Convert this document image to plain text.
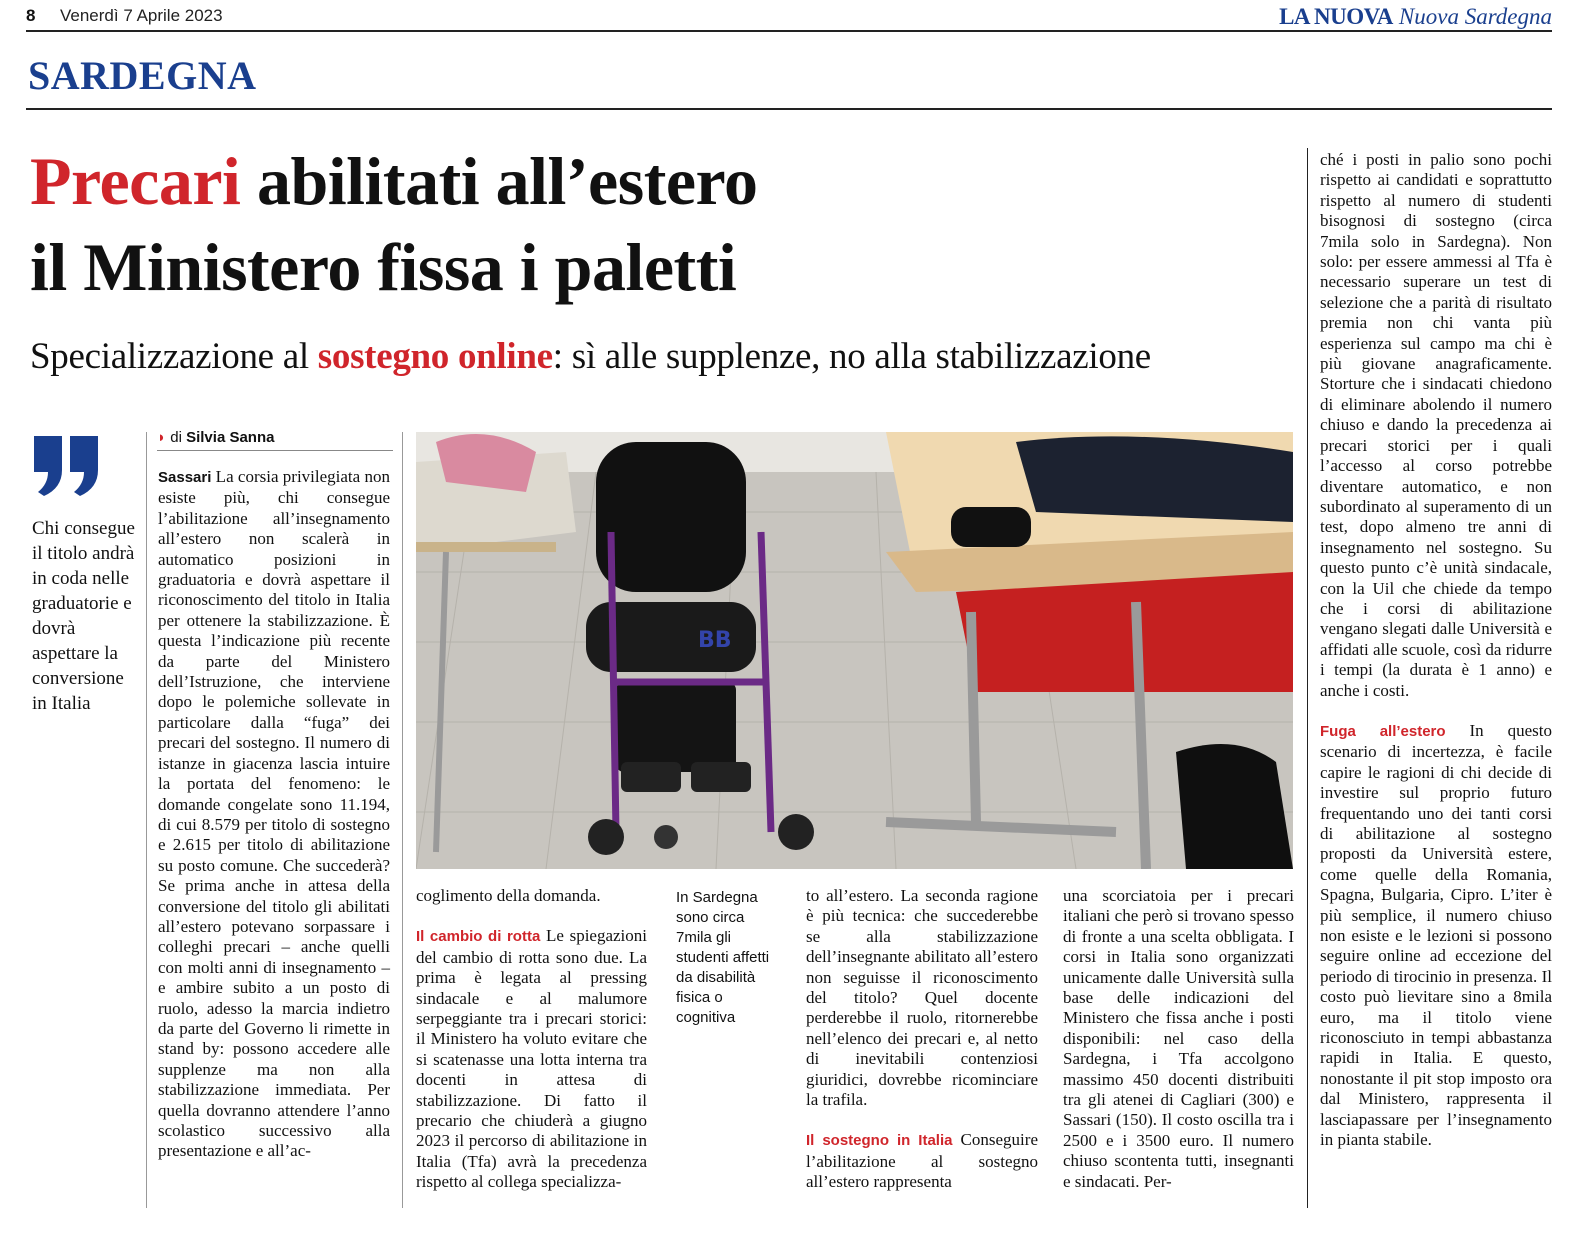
8 Venerdì 7 Aprile 2023	LA NUOVA Nuova Sardegna
SARDEGNA
Precari abilitati all’estero
il Ministero fissa i paletti
Specializzazione al sostegno online: sì alle supplenze, no alla stabilizzazione
Chi consegue il titolo andrà in coda nelle graduatorie e dovrà aspettare la conversione in Italia
◗ di Silvia Sanna

Sassari La corsia privilegiata non esiste più, chi consegue l’abilitazione all’insegnamento all’estero non scalerà in automatico posizioni in graduatoria e dovrà aspettare il riconoscimento del titolo in Italia per ottenere la stabilizzazione. È questa l’indicazione più recente da parte del Ministero dell’Istruzione, che interviene dopo le polemiche sollevate in particolare dalla “fuga” dei precari del sostegno. Il numero di istanze in giacenza lascia intuire la portata del fenomeno: le domande congelate sono 11.194, di cui 8.579 per titolo di sostegno e 2.615 per titolo di abilitazione su posto comune. Che succederà? Se prima anche in attesa della conversione del titolo gli abilitati all’estero potevano sorpassare i colleghi precari – anche quelli con molti anni di insegnamento – e ambire subito a un posto di ruolo, adesso la marcia indietro da parte del Governo li rimette in stand by: possono accedere alle supplenze ma non alla stabilizzazione immediata. Per quella dovranno attendere l’anno scolastico successivo alla presentazione e all’ac-

BB

coglimento della domanda.

Il cambio di rotta Le spiegazioni del cambio di rotta sono due. La prima è legata al pressing sindacale e al malumore serpeggiante tra i precari storici: il Ministero ha voluto evitare che si scatenasse una lotta interna tra docenti in attesa di stabilizzazione. Di fatto il precario che chiuderà a giugno 2023 il percorso di abilitazione in Italia (Tfa) avrà la precedenza rispetto al collega specializza-

In Sardegna sono circa 7mila gli studenti affetti da disabilità fisica o cognitiva

to all’estero. La seconda ragione è più tecnica: che succederebbe se alla stabilizzazione dell’insegnante abilitato all’estero non seguisse il riconoscimento del titolo? Quel docente perderebbe il ruolo, ritornerebbe nell’elenco dei precari e, al netto di inevitabili contenziosi giuridici, dovrebbe ricominciare la trafila.

Il sostegno in Italia Conseguire l’abilitazione al sostegno all’estero rappresenta

una scorciatoia per i precari italiani che però si trovano spesso di fronte a una scelta obbligata. I corsi in Italia sono organizzati unicamente dalle Università sulla base delle indicazioni del Ministero che fissa anche i posti disponibili: nel caso della Sardegna, i Tfa accolgono massimo 450 docenti distribuiti tra gli atenei di Cagliari (300) e Sassari (150). Il costo oscilla tra i 2500 e i 3500 euro. Il numero chiuso scontenta tutti, insegnanti e sindacati. Per-

ché i posti in palio sono pochi rispetto ai candidati e soprattutto rispetto al numero di studenti bisognosi di sostegno (circa 7mila solo in Sardegna). Non solo: per essere ammessi al Tfa è necessario superare un test di selezione che a parità di risultato premia non chi vanta più esperienza sul campo ma chi è più giovane anagraficamente. Storture che i sindacati chiedono di eliminare abolendo il numero chiuso e dando la precedenza ai precari storici per i quali l’accesso al corso potrebbe diventare automatico, e non subordinato al superamento di un test, dopo almeno tre anni di insegnamento nel sostegno. Su questo punto c’è unità sindacale, con la Uil che chiede da tempo che i corsi di abilitazione vengano slegati dalle Università e affidati alle scuole, così da ridurre i tempi (la durata è 1 anno) e anche i costi.

Fuga all’estero In questo scenario di incertezza, è facile capire le ragioni di chi decide di investire sul proprio futuro frequentando uno dei tanti corsi di abilitazione al sostegno proposti da Università estere, come quelle della Romania, Spagna, Bulgaria, Cipro. L’iter è più semplice, il numero chiuso non esiste e le lezioni si possono seguire online ad eccezione del periodo di tirocinio in presenza. Il costo può lievitare sino a 8mila euro, ma il titolo viene riconosciuto in tempi abbastanza rapidi in Italia. E questo, nonostante il pit stop imposto ora dal Ministero, rappresenta il lasciapassare per l’insegnamento in pianta stabile.
